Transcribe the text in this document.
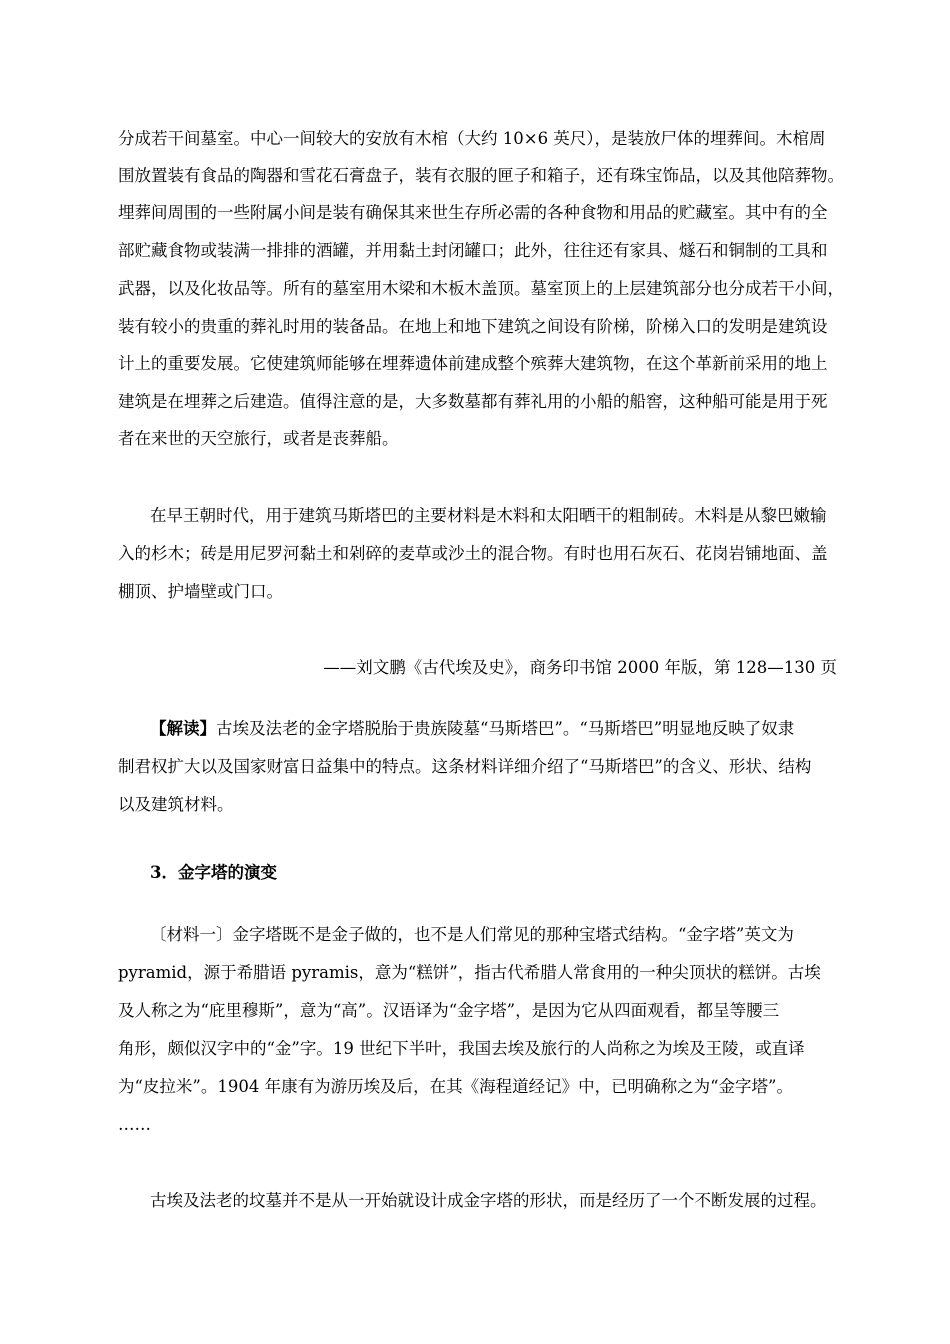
分成若干间墓室。中心一间较大的安放有木棺（大约 10×6 英尺），是装放尸体的埋葬间。木棺周
围放置装有食品的陶器和雪花石膏盘子，装有衣服的匣子和箱子，还有珠宝饰品，以及其他陪葬物。
埋葬间周围的一些附属小间是装有确保其来世生存所必需的各种食物和用品的贮藏室。其中有的全
部贮藏食物或装满一排排的酒罐，并用黏土封闭罐口；此外，往往还有家具、燧石和铜制的工具和
武器，以及化妆品等。所有的墓室用木梁和木板木盖顶。墓室顶上的上层建筑部分也分成若干小间，
装有较小的贵重的葬礼时用的装备品。在地上和地下建筑之间设有阶梯，阶梯入口的发明是建筑设
计上的重要发展。它使建筑师能够在埋葬遗体前建成整个殡葬大建筑物，在这个革新前采用的地上
建筑是在埋葬之后建造。值得注意的是，大多数墓都有葬礼用的小船的船窖，这种船可能是用于死
者在来世的天空旅行，或者是丧葬船。
在早王朝时代，用于建筑马斯塔巴的主要材料是木料和太阳晒干的粗制砖。木料是从黎巴嫩输
入的杉木；砖是用尼罗河黏土和剁碎的麦草或沙土的混合物。有时也用石灰石、花岗岩铺地面、盖
棚顶、护墙壁或门口。
——刘文鹏《古代埃及史》，商务印书馆 2000 年版，第 128—130 页
【解读】古埃及法老的金字塔脱胎于贵族陵墓“马斯塔巴”。“马斯塔巴”明显地反映了奴隶
制君权扩大以及国家财富日益集中的特点。这条材料详细介绍了“马斯塔巴”的含义、形状、结构
以及建筑材料。
3．金字塔的演变
〔材料一〕金字塔既不是金子做的，也不是人们常见的那种宝塔式结构。“金字塔”英文为
pyramid，源于希腊语 pyramis，意为“糕饼”，指古代希腊人常食用的一种尖顶状的糕饼。古埃
及人称之为“庇里穆斯”，意为“高”。汉语译为“金字塔”，是因为它从四面观看，都呈等腰三
角形，颇似汉字中的“金”字。19 世纪下半叶，我国去埃及旅行的人尚称之为埃及王陵，或直译
为“皮拉米”。1904 年康有为游历埃及后，在其《海程道经记》中，已明确称之为“金字塔”。
……
古埃及法老的坟墓并不是从一开始就设计成金字塔的形状，而是经历了一个不断发展的过程。
